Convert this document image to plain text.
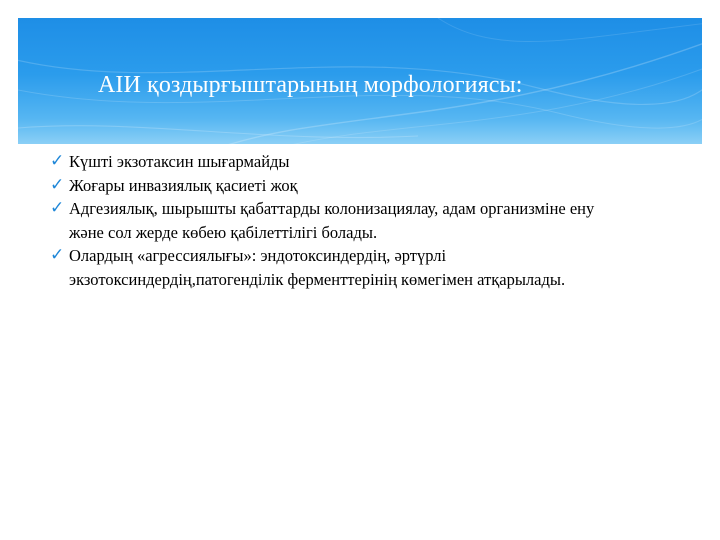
АІИ қоздырғыштарының морфологиясы:
✓ Күшті экзотаксин шығармайды
✓ Жоғары инвазиялық қасиеті жоқ
✓ Адгезиялық, шырышты қабаттарды колонизациялау, адам организміне ену және сол жерде көбею қабілеттілігі болады.
✓ Олардың «агрессиялығы»: эндотоксиндердің, әртүрлі экзотоксиндердің,патогенділік ферменттерінің көмегімен атқарылады.
